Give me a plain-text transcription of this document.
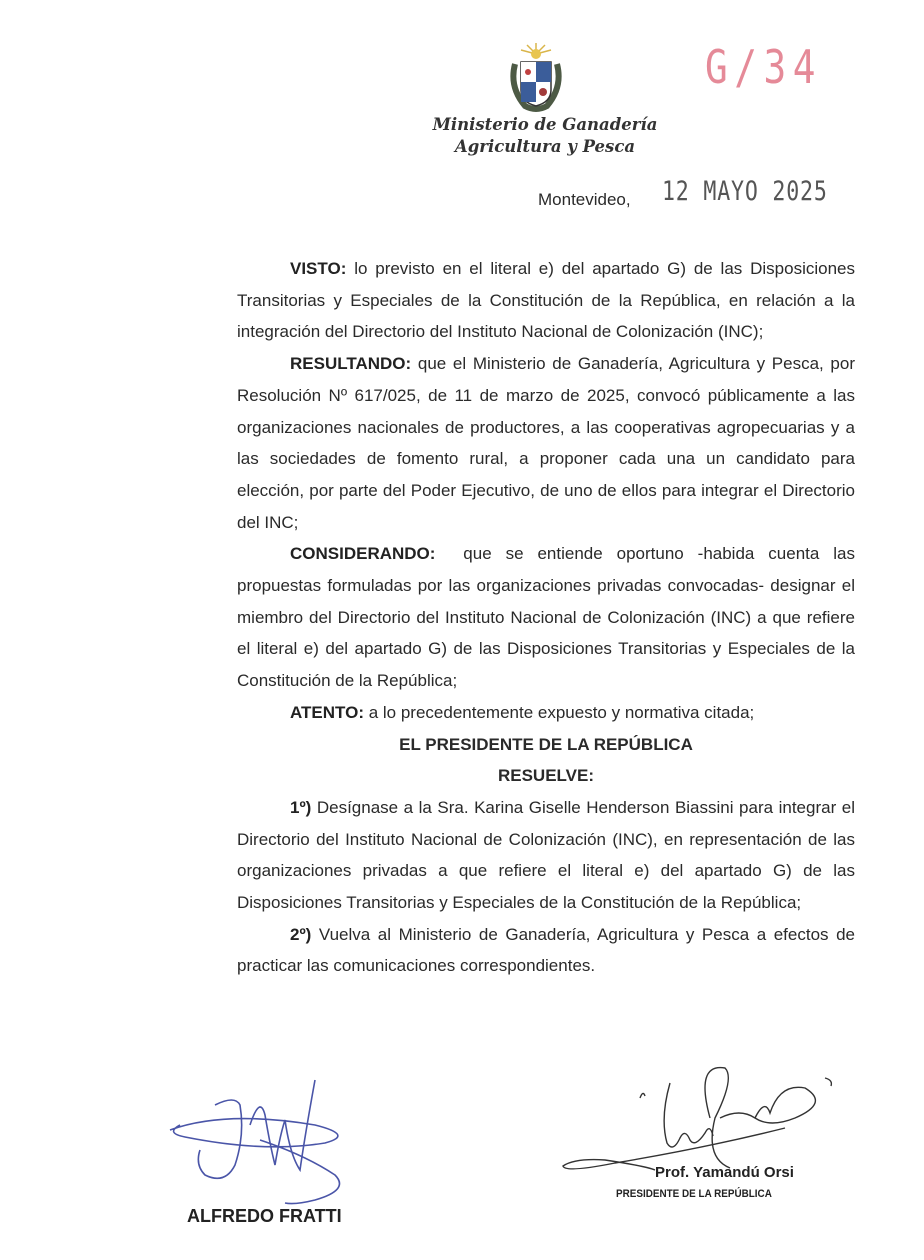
Ministerio de Ganadería
Agricultura y Pesca
G/34
Montevideo, 12 MAYO 2025

VISTO: lo previsto en el literal e) del apartado G) de las Disposiciones Transitorias y Especiales de la Constitución de la República, en relación a la integración del Directorio del Instituto Nacional de Colonización (INC);

RESULTANDO: que el Ministerio de Ganadería, Agricultura y Pesca, por Resolución Nº 617/025, de 11 de marzo de 2025, convocó públicamente a las organizaciones nacionales de productores, a las cooperativas agropecuarias y a las sociedades de fomento rural, a proponer cada una un candidato para elección, por parte del Poder Ejecutivo, de uno de ellos para integrar el Directorio del INC;

CONSIDERANDO:  que se entiende oportuno -habida cuenta las propuestas formuladas por las organizaciones privadas convocadas- designar el miembro del Directorio del Instituto Nacional de Colonización (INC) a que refiere el literal e) del apartado G) de las Disposiciones Transitorias y Especiales de la Constitución de la República;

ATENTO: a lo precedentemente expuesto y normativa citada;

EL PRESIDENTE DE LA REPÚBLICA

RESUELVE:

1º) Desígnase a la Sra. Karina Giselle Henderson Biassini para integrar el Directorio del Instituto Nacional de Colonización (INC), en representación de las organizaciones privadas a que refiere el literal e) del apartado G) de las Disposiciones Transitorias y Especiales de la Constitución de la República;

2º) Vuelva al Ministerio de Ganadería, Agricultura y Pesca a efectos de practicar las comunicaciones correspondientes.

ALFREDO FRATTI
Prof. Yamandú Orsi
PRESIDENTE DE LA REPÚBLICA
